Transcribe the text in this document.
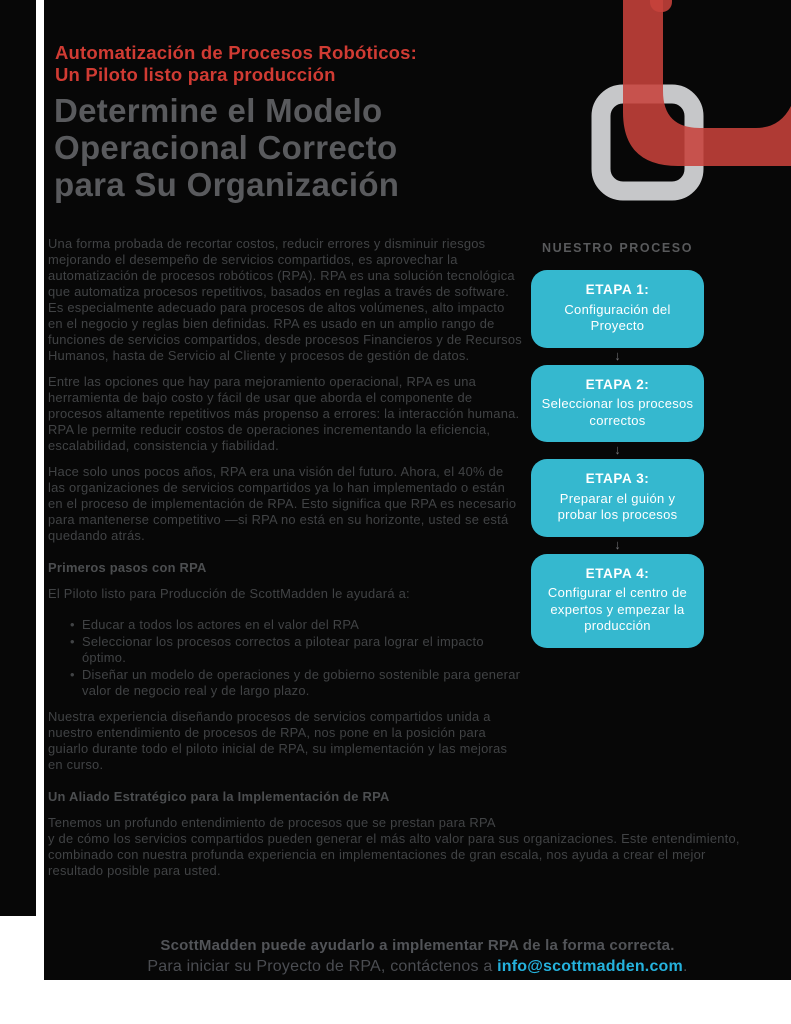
Automatización de Procesos Robóticos:
Un Piloto listo para producción
Determine el Modelo
Operacional Correcto
para Su Organización

Una forma probada de recortar costos, reducir errores y disminuir riesgos mejorando el desempeño de servicios compartidos, es aprovechar la automatización de procesos robóticos (RPA). RPA es una solución tecnológica que automatiza procesos repetitivos, basados en reglas a través de software. Es especialmente adecuado para procesos de altos volúmenes, alto impacto en el negocio y reglas bien definidas. RPA es usado en un amplio rango de funciones de servicios compartidos, desde procesos Financieros y de Recursos Humanos, hasta de Servicio al Cliente y procesos de gestión de datos.

Entre las opciones que hay para mejoramiento operacional, RPA es una herramienta de bajo costo y fácil de usar que aborda el componente de procesos altamente repetitivos más propenso a errores: la interacción humana. RPA le permite reducir costos de operaciones incrementando la eficiencia, escalabilidad, consistencia y fiabilidad.

Hace solo unos pocos años, RPA era una visión del futuro. Ahora, el 40% de las organizaciones de servicios compartidos ya lo han implementado o están en el proceso de implementación de RPA. Esto significa que RPA es necesario para mantenerse competitivo —si RPA no está en su horizonte, usted se está quedando atrás.

Primeros pasos con RPA

El Piloto listo para Producción de ScottMadden le ayudará a:

• Educar a todos los actores en el valor del RPA
• Seleccionar los procesos correctos a pilotear para lograr el impacto óptimo.
• Diseñar un modelo de operaciones y de gobierno sostenible para generar valor de negocio real y de largo plazo.

Nuestra experiencia diseñando procesos de servicios compartidos unida a nuestro entendimiento de procesos de RPA, nos pone en la posición para guiarlo durante todo el piloto inicial de RPA, su implementación y las mejoras en curso.

Un Aliado Estratégico para la Implementación de RPA

Tenemos un profundo entendimiento de procesos que se prestan para RPA
y de cómo los servicios compartidos pueden generar el más alto valor para sus organizaciones. Este entendimiento, combinado con nuestra profunda experiencia en implementaciones de gran escala, nos ayuda a crear el mejor resultado posible para usted.

NUESTRO PROCESO
ETAPA 1:
Configuración del Proyecto
↓
ETAPA 2:
Seleccionar los procesos correctos
↓
ETAPA 3:
Preparar el guión y probar los procesos
↓
ETAPA 4:
Configurar el centro de expertos y empezar la producción
ScottMadden puede ayudarlo a implementar RPA de la forma correcta.
Para iniciar su Proyecto de RPA, contáctenos a info@scottmadden.com.
